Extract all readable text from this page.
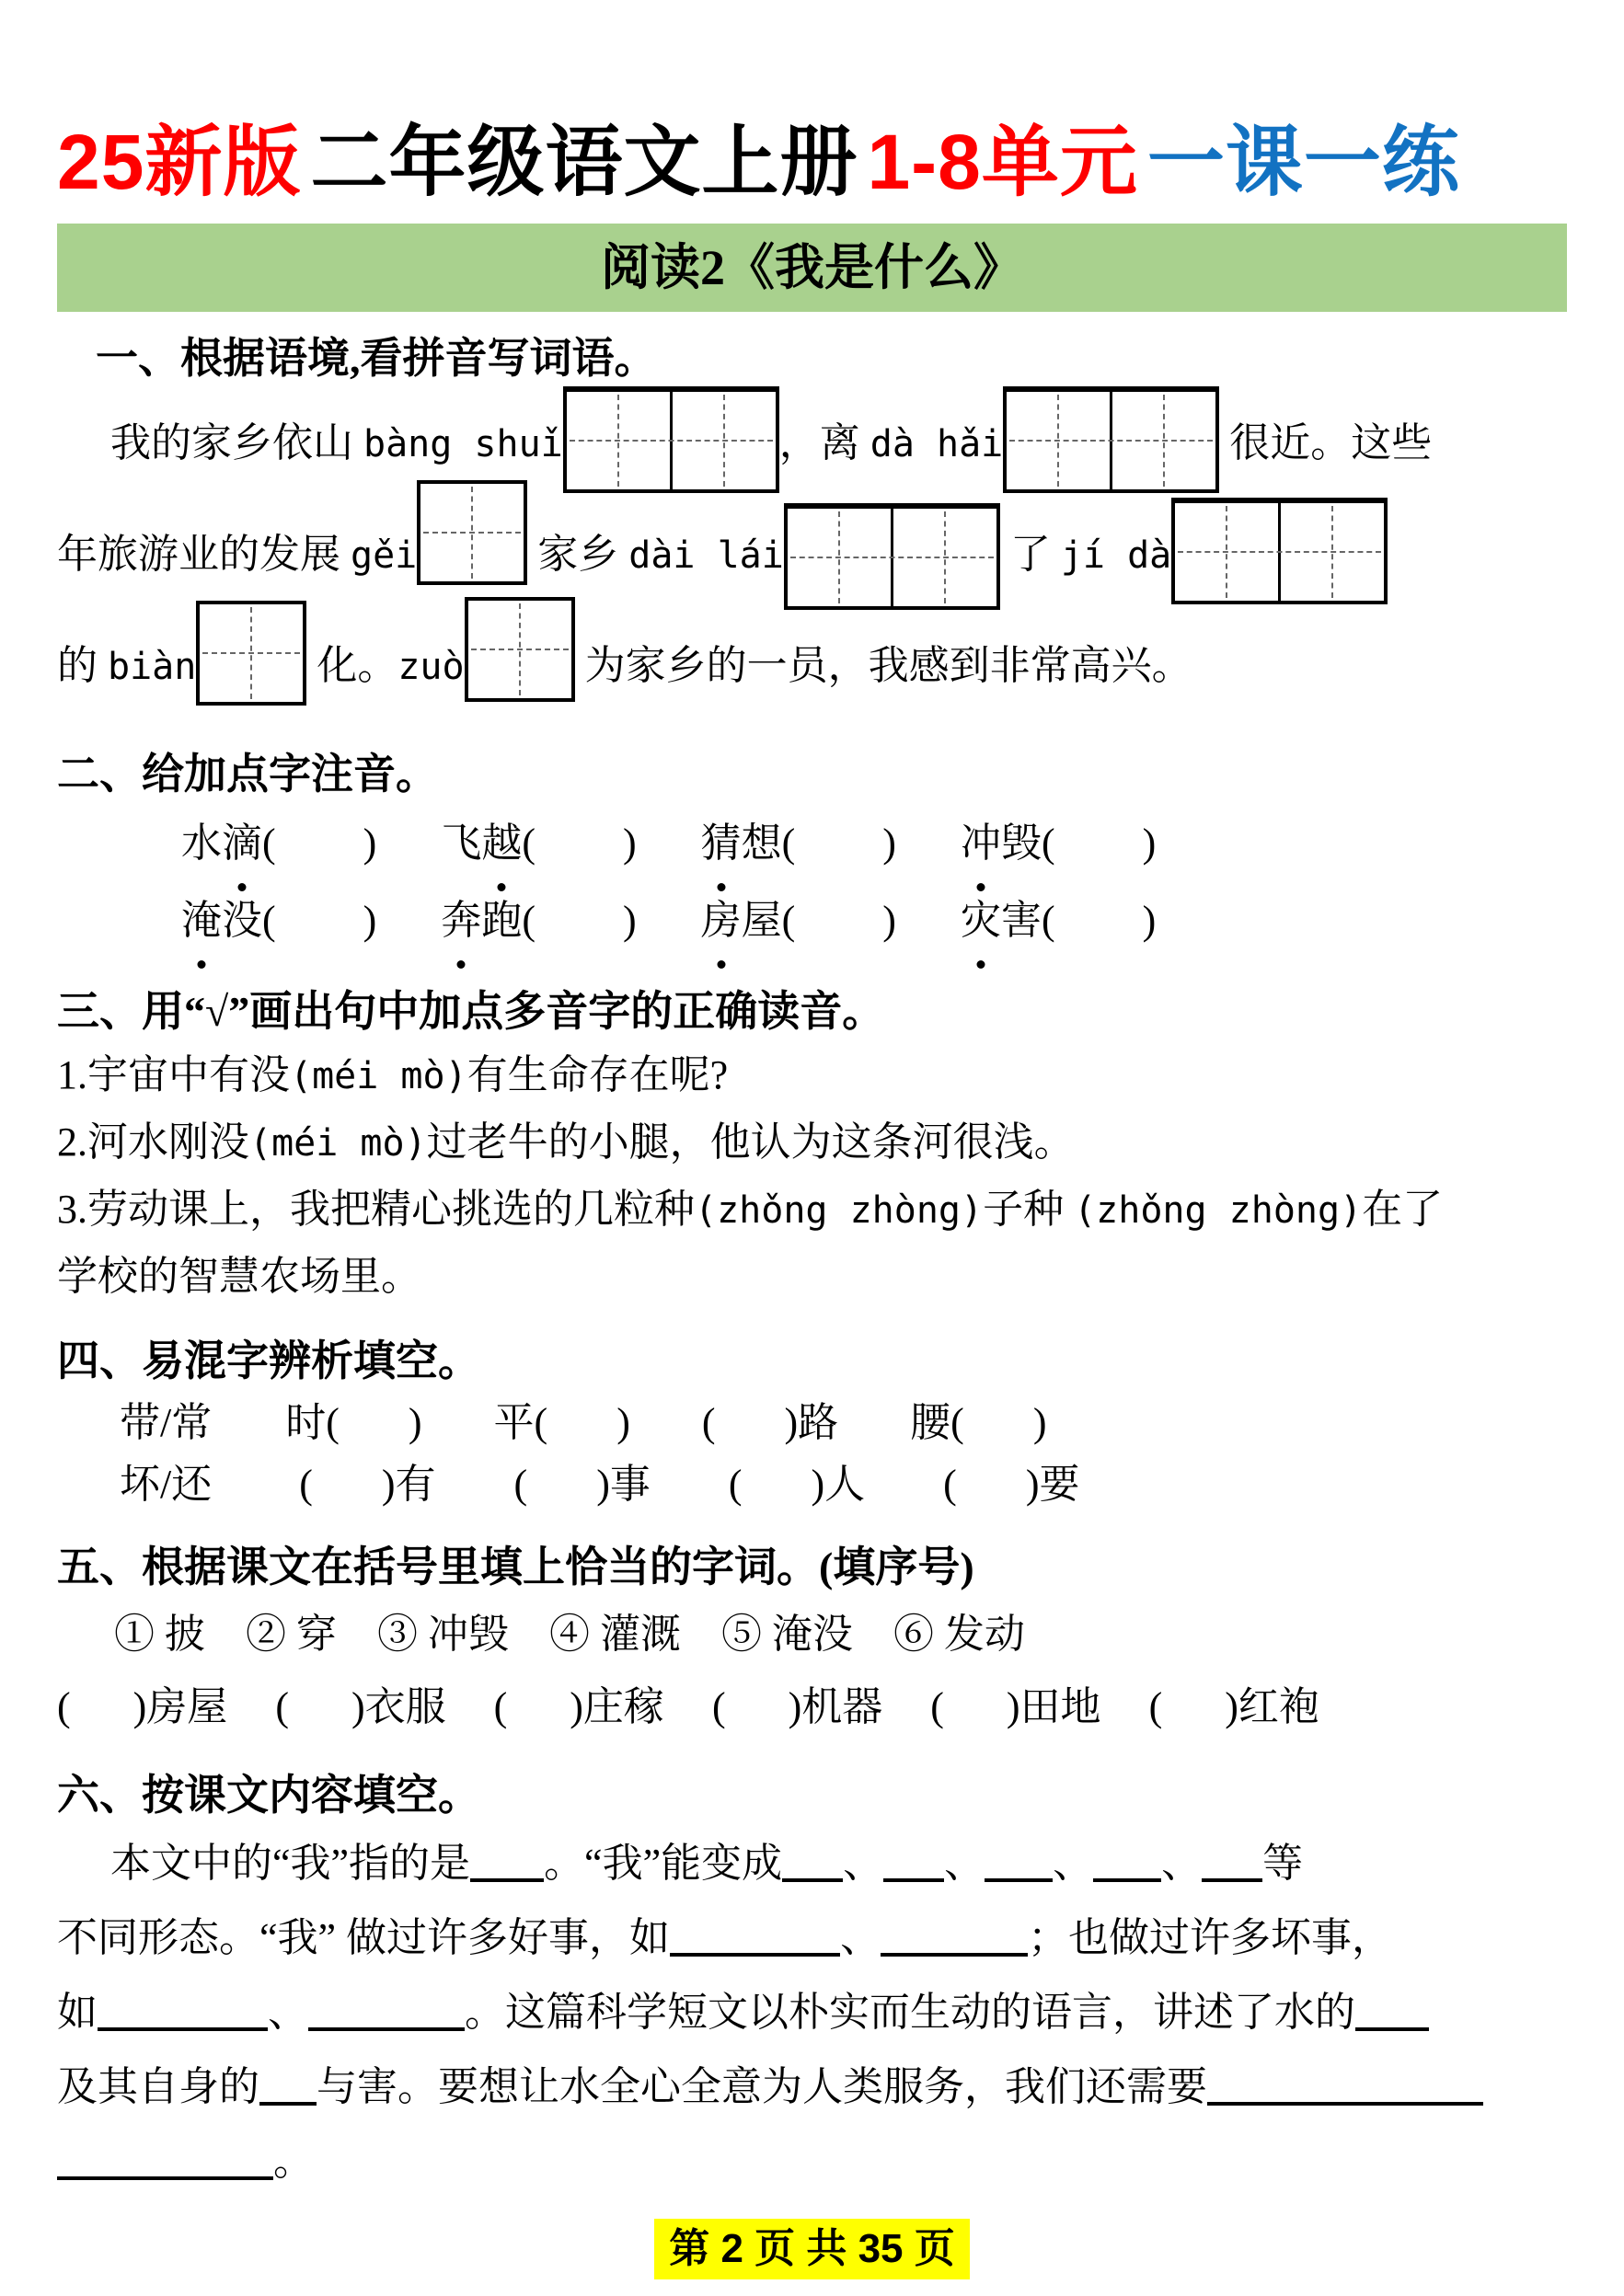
25新版 二年级语文上册 1-8单元 一课一练
阅读2《我是什么》
一、根据语境,看拼音写词语。
我的家乡依山 bàng shuǐ	，离 dà hǎi	很近。这些
年旅游业的发展 gěi	家乡 dài lái	了 jí dà
的 biàn	化。zuò	为家乡的一员，我感到非常高兴。
二、给加点字注音。
水滴( ) 飞越( ) 猜想( ) 冲毁( )
淹没( ) 奔跑( ) 房屋( ) 灾害( )
三、用“√”画出句中加点多音字的正确读音。
1.宇宙中有没(méi mò)有生命存在呢?
2.河水刚没(méi mò)过老牛的小腿，他认为这条河很浅。
3.劳动课上，我把精心挑选的几粒种(zhǒng zhòng)子种 (zhǒng zhòng)在了
学校的智慧农场里。
四、易混字辨析填空。
带/常 时( ) 平( ) ( )路 腰( )
坏/还 ( )有 ( )事 ( )人 ( )要
五、根据课文在括号里填上恰当的字词。(填序号)
① 披 ② 穿 ③ 冲毁 ④ 灌溉 ⑤ 淹没 ⑥ 发动
( )房屋 ( )衣服 ( )庄稼 ( )机器 ( )田地 ( )红袍
六、按课文内容填空。
本文中的“我”指的是 。“我”能变成 、 、 、 、 等
不同形态。“我” 做过许多好事，如	、	；也做过许多坏事，
如	、	。这篇科学短文以朴实而生动的语言，讲述了水的
及其自身的 与害。要想让水全心全意为人类服务，我们还需要
。
第 2 页 共 35 页
